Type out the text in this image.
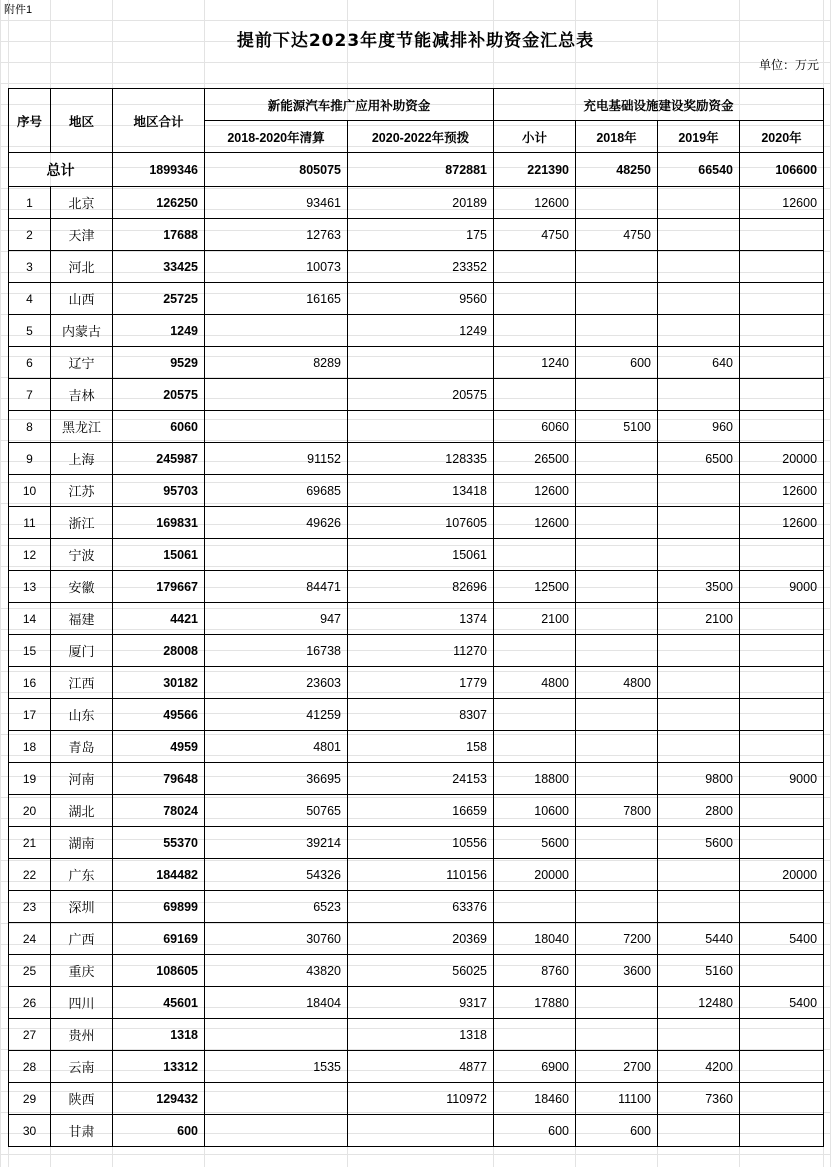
附件1
提前下达2023年度节能减排补助资金汇总表
单位：万元
序号	地区	地区合计	新能源汽车推广应用补助资金		充电基础设施建设奖励资金			
			2018-2020年清算	2020-2022年预拨	小计	2018年	2019年	2020年
总计		1899346	805075	872881	221390	48250	66540	106600
1	北京	126250	93461	20189	12600			12600
2	天津	17688	12763	175	4750	4750		
3	河北	33425	10073	23352				
4	山西	25725	16165	9560				
5	内蒙古	1249		1249				
6	辽宁	9529	8289		1240	600	640	
7	吉林	20575		20575				
8	黑龙江	6060			6060	5100	960	
9	上海	245987	91152	128335	26500		6500	20000
10	江苏	95703	69685	13418	12600			12600
11	浙江	169831	49626	107605	12600			12600
12	宁波	15061		15061				
13	安徽	179667	84471	82696	12500		3500	9000
14	福建	4421	947	1374	2100		2100	
15	厦门	28008	16738	11270				
16	江西	30182	23603	1779	4800	4800		
17	山东	49566	41259	8307				
18	青岛	4959	4801	158				
19	河南	79648	36695	24153	18800		9800	9000
20	湖北	78024	50765	16659	10600	7800	2800	
21	湖南	55370	39214	10556	5600		5600	
22	广东	184482	54326	110156	20000			20000
23	深圳	69899	6523	63376				
24	广西	69169	30760	20369	18040	7200	5440	5400
25	重庆	108605	43820	56025	8760	3600	5160	
26	四川	45601	18404	9317	17880		12480	5400
27	贵州	1318		1318				
28	云南	13312	1535	4877	6900	2700	4200	
29	陕西	129432		110972	18460	11100	7360	
30	甘肃	600			600	600		
